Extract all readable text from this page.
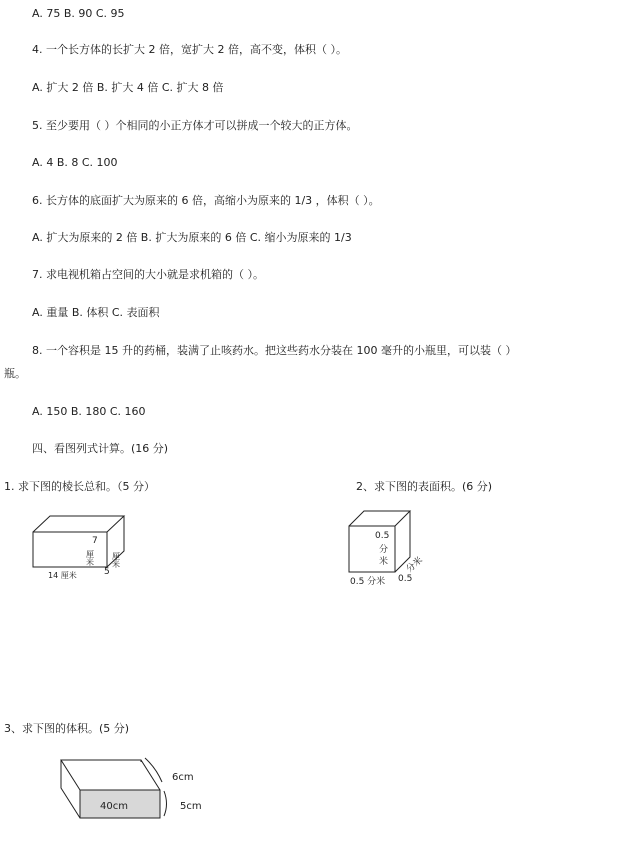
A. 75 B. 90 C. 95
4. 一个长方体的长扩大 2 倍，宽扩大 2 倍，高不变，体积（ ）。
A. 扩大 2 倍 B. 扩大 4 倍 C. 扩大 8 倍
5. 至少要用（ ）个相同的小正方体才可以拼成一个较大的正方体。
A. 4 B. 8 C. 100
6. 长方体的底面扩大为原来的 6 倍，高缩小为原来的 1/3 ，体积（ ）。
A. 扩大为原来的 2 倍 B. 扩大为原来的 6 倍 C. 缩小为原来的 1/3
7. 求电视机箱占空间的大小就是求机箱的（ ）。
A. 重量 B. 体积 C. 表面积
8. 一个容积是 15 升的药桶，装满了止咳药水。把这些药水分装在 100 毫升的小瓶里，可以装（ ）
瓶。
A. 150 B. 180 C. 160
四、看图列式计算。(16 分)
1. 求下图的棱长总和。（5 分）	2、求下图的表面积。(6 分)
3、求下图的体积。(5 分)
7
厘米
14 厘米	5
厘米
0.5
分
米
0.5 分米 0.5
分米
40cm
6cm
5cm
